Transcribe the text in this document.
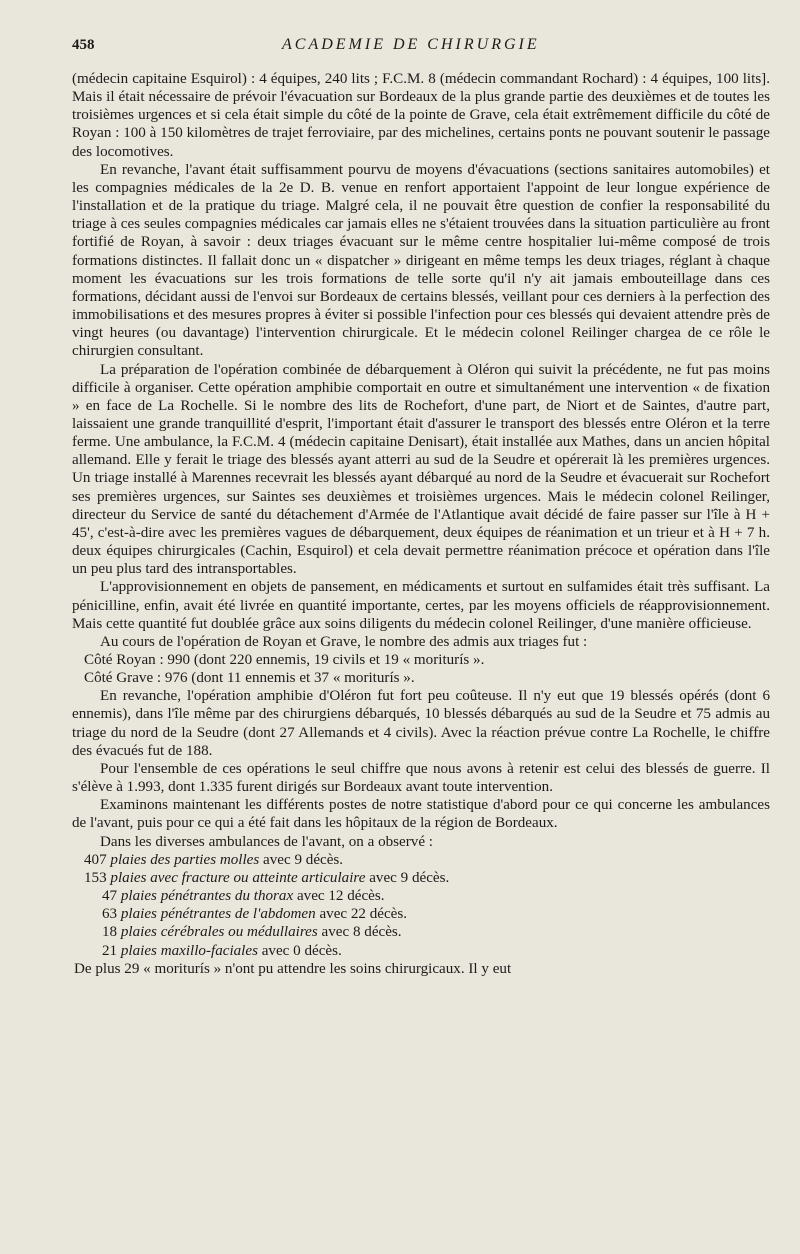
458	ACADEMIE DE CHIRURGIE

(médecin capitaine Esquirol) : 4 équipes, 240 lits ; F.C.M. 8 (médecin commandant Rochard) : 4 équipes, 100 lits]. Mais il était nécessaire de prévoir l'évacuation sur Bordeaux de la plus grande partie des deuxièmes et de toutes les troisièmes urgences et si cela était simple du côté de la pointe de Grave, cela était extrêmement difficile du côté de Royan : 100 à 150 kilomètres de trajet ferroviaire, par des michelines, certains ponts ne pouvant soutenir le passage des locomotives.

En revanche, l'avant était suffisamment pourvu de moyens d'évacuations (sections sanitaires automobiles) et les compagnies médicales de la 2e D. B. venue en renfort apportaient l'appoint de leur longue expérience de l'installation et de la pratique du triage. Malgré cela, il ne pouvait être question de confier la responsabilité du triage à ces seules compagnies médicales car jamais elles ne s'étaient trouvées dans la situation particulière au front fortifié de Royan, à savoir : deux triages évacuant sur le même centre hospitalier lui-même composé de trois formations distinctes. Il fallait donc un « dispatcher » dirigeant en même temps les deux triages, réglant à chaque moment les évacuations sur les trois formations de telle sorte qu'il n'y ait jamais embouteillage dans ces formations, décidant aussi de l'envoi sur Bordeaux de certains blessés, veillant pour ces derniers à la perfection des immobilisations et des mesures propres à éviter si possible l'infection pour ces blessés qui devaient attendre près de vingt heures (ou davantage) l'intervention chirurgicale. Et le médecin colonel Reilinger chargea de ce rôle le chirurgien consultant.

La préparation de l'opération combinée de débarquement à Oléron qui suivit la précédente, ne fut pas moins difficile à organiser. Cette opération amphibie comportait en outre et simultanément une intervention « de fixation » en face de La Rochelle. Si le nombre des lits de Rochefort, d'une part, de Niort et de Saintes, d'autre part, laissaient une grande tranquillité d'esprit, l'important était d'assurer le transport des blessés entre Oléron et la terre ferme. Une ambulance, la F.C.M. 4 (médecin capitaine Denisart), était installée aux Mathes, dans un ancien hôpital allemand. Elle y ferait le triage des blessés ayant atterri au sud de la Seudre et opérerait là les premières urgences. Un triage installé à Marennes recevrait les blessés ayant débarqué au nord de la Seudre et évacuerait sur Rochefort ses premières urgences, sur Saintes ses deuxièmes et troisièmes urgences. Mais le médecin colonel Reilinger, directeur du Service de santé du détachement d'Armée de l'Atlantique avait décidé de faire passer sur l'île à H + 45', c'est-à-dire avec les premières vagues de débarquement, deux équipes de réanimation et un trieur et à H + 7 h. deux équipes chirurgicales (Cachin, Esquirol) et cela devait permettre réanimation précoce et opération dans l'île un peu plus tard des intransportables.

L'approvisionnement en objets de pansement, en médicaments et surtout en sulfamides était très suffisant. La pénicilline, enfin, avait été livrée en quantité importante, certes, par les moyens officiels de réapprovisionnement. Mais cette quantité fut doublée grâce aux soins diligents du médecin colonel Reilinger, d'une manière officieuse.

Au cours de l'opération de Royan et Grave, le nombre des admis aux triages fut :

Côté Royan : 990 (dont 220 ennemis, 19 civils et 19 « moriturís ».

Côté Grave : 976 (dont 11 ennemis et 37 « moriturís ».

En revanche, l'opération amphibie d'Oléron fut fort peu coûteuse. Il n'y eut que 19 blessés opérés (dont 6 ennemis), dans l'île même par des chirurgiens débarqués, 10 blessés débarqués au sud de la Seudre et 75 admis au triage du nord de la Seudre (dont 27 Allemands et 4 civils). Avec la réaction prévue contre La Rochelle, le chiffre des évacués fut de 188.

Pour l'ensemble de ces opérations le seul chiffre que nous avons à retenir est celui des blessés de guerre. Il s'élève à 1.993, dont 1.335 furent dirigés sur Bordeaux avant toute intervention.

Examinons maintenant les différents postes de notre statistique d'abord pour ce qui concerne les ambulances de l'avant, puis pour ce qui a été fait dans les hôpitaux de la région de Bordeaux.

Dans les diverses ambulances de l'avant, on a observé :

407 plaies des parties molles avec 9 décès.

153 plaies avec fracture ou atteinte articulaire avec 9 décès.

47 plaies pénétrantes du thorax avec 12 décès.

63 plaies pénétrantes de l'abdomen avec 22 décès.

18 plaies cérébrales ou médullaires avec 8 décès.

21 plaies maxillo-faciales avec 0 décès.

De plus 29 « moriturís » n'ont pu attendre les soins chirurgicaux. Il y eut
